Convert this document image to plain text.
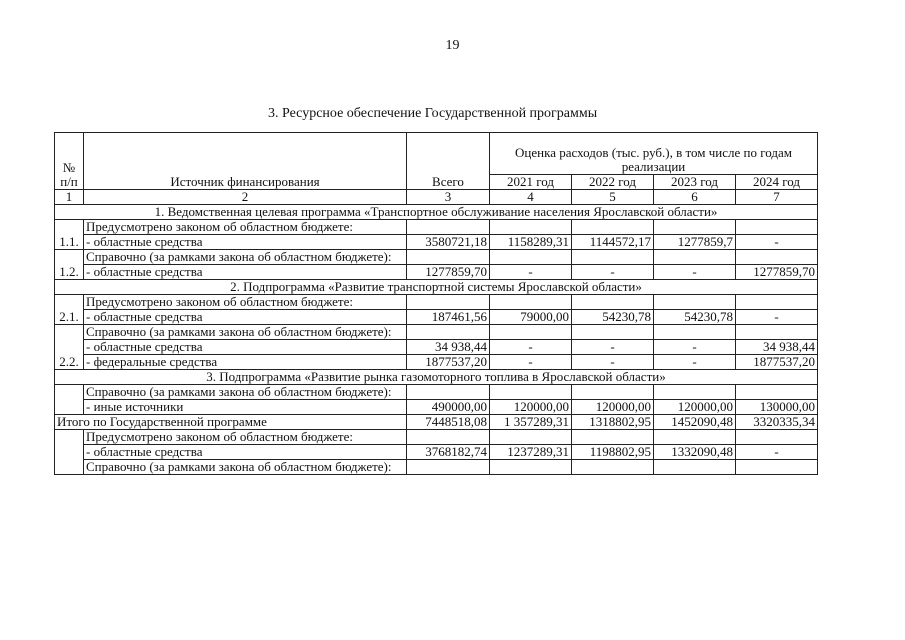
19
3. Ресурсное обеспечение Государственной программы
№ п/п	Источник финансирования	Всего	Оценка расходов (тыс. руб.), в том числе по годам реализации			
			2021 год	2022 год	2023 год	2024 год
1	2	3	4	5	6	7
1. Ведомственная целевая программа «Транспортное обслуживание населения Ярославской области»						
1.1.	Предусмотрено законом об областном бюджете:					
	- областные средства	3580721,18	1158289,31	1144572,17	1277859,7	-
1.2.	Справочно (за рамками закона об областном бюджете):					
	- областные средства	1277859,70	-	-	-	1277859,70
2. Подпрограмма «Развитие транспортной системы Ярославской области»						
2.1.	Предусмотрено законом об областном бюджете:					
	- областные средства	187461,56	79000,00	54230,78	54230,78	-
2.2.	Справочно (за рамками закона об областном бюджете):					
	- областные средства	34 938,44	-	-	-	34 938,44
	- федеральные средства	1877537,20	-	-	-	1877537,20
3. Подпрограмма «Развитие рынка газомоторного топлива в Ярославской области»						
	Справочно (за рамками закона об областном бюджете):					
	- иные источники	490000,00	120000,00	120000,00	120000,00	130000,00
Итого по Государственной программе		7448518,08	1 357289,31	1318802,95	1452090,48	3320335,34
	Предусмотрено законом об областном бюджете:					
	- областные средства	3768182,74	1237289,31	1198802,95	1332090,48	-
	Справочно (за рамками закона об областном бюджете):					
